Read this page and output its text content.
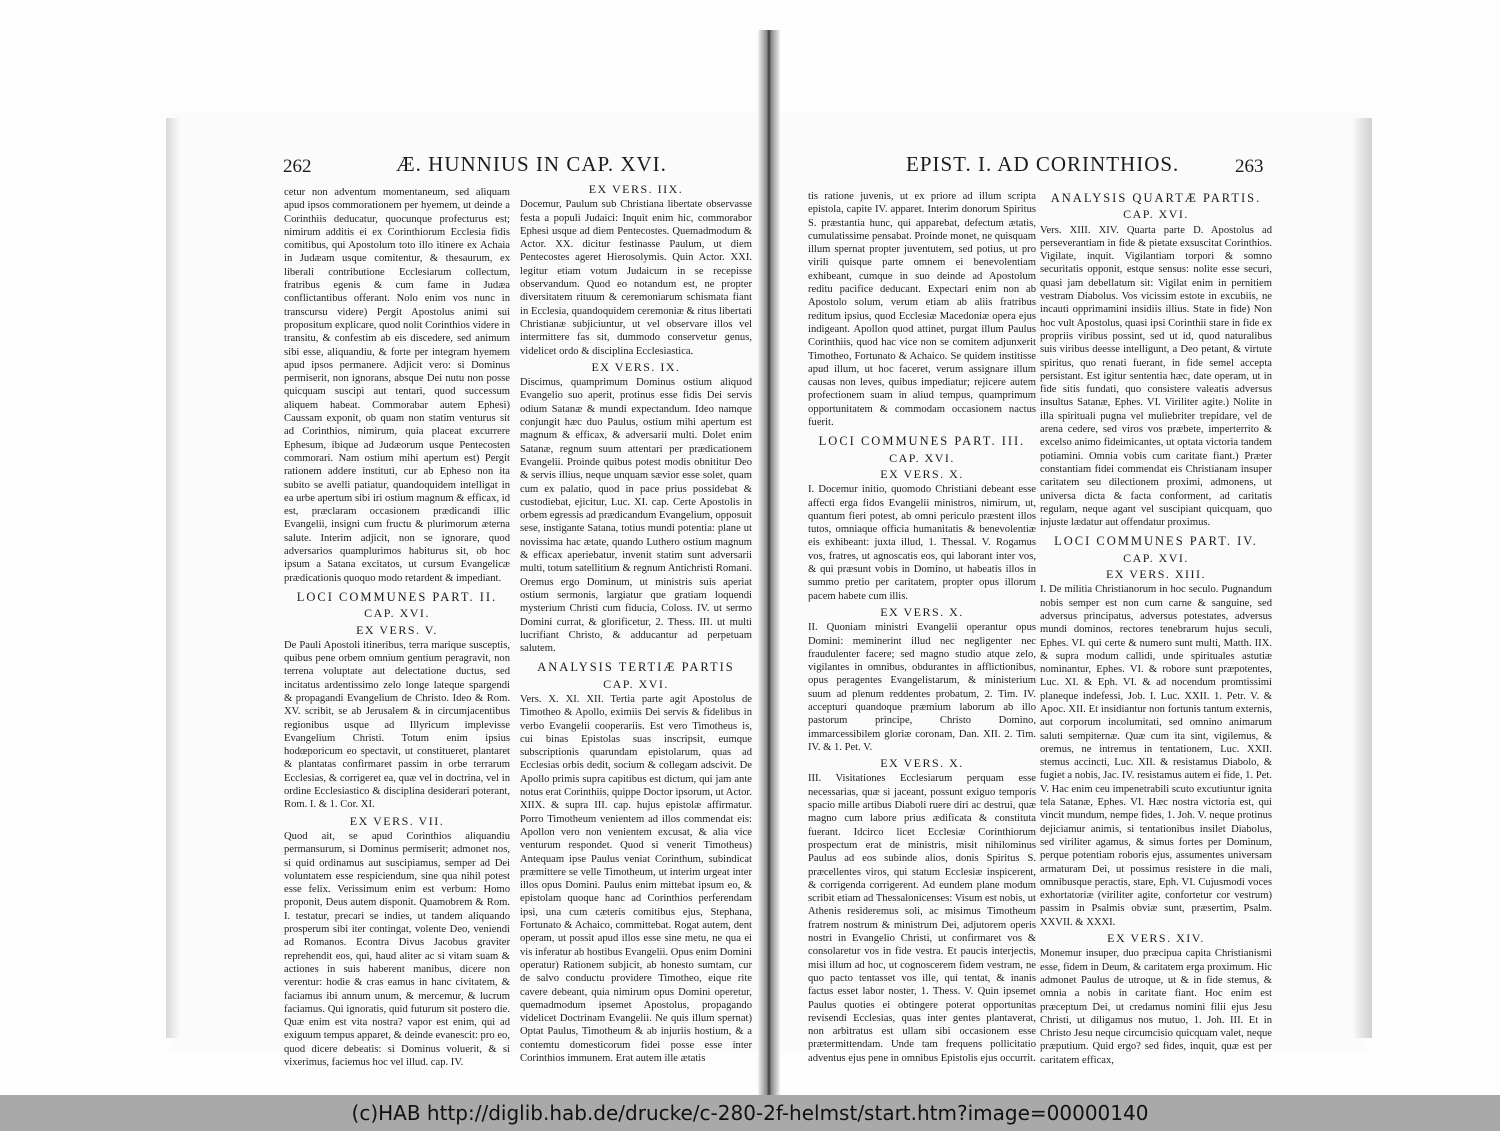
262	Æ. HUNNIUS IN CAP. XVI.	EPIST. I. AD CORINTHIOS.	263

cetur non adventum momentaneum, sed aliquam apud ipsos commorationem per hyemem, ut deinde a Corinthiis deducatur, quocunque profecturus est; nimirum additis ei ex Corinthiorum Ecclesia fidis comitibus, qui Apostolum toto illo itinere ex Achaia in Judæam usque comitentur, & thesaurum, ex liberali contributione Ecclesiarum collectum, fratribus egenis & cum fame in Judæa conflictantibus offerant. Nolo enim vos nunc in transcursu videre) Pergit Apostolus animi sui propositum explicare, quod nolit Corinthios videre in transitu, & confestim ab eis discedere, sed animum sibi esse, aliquandiu, & forte per integram hyemem apud ipsos permanere. Adjicit vero: si Dominus permiserit, non ignorans, absque Dei nutu non posse quicquam suscipi aut tentari, quod successum aliquem habeat. Commorabar autem Ephesi) Caussam exponit, ob quam non statim venturus sit ad Corinthios, nimirum, quia placeat excurrere Ephesum, ibique ad Judæorum usque Pentecosten commorari. Nam ostium mihi apertum est) Pergit rationem addere instituti, cur ab Epheso non ita subito se avelli patiatur, quandoquidem intelligat in ea urbe apertum sibi iri ostium magnum & efficax, id est, præclaram occasionem prædicandi illic Evangelii, insigni cum fructu & plurimorum æterna salute. Interim adjicit, non se ignorare, quod adversarios quamplurimos habiturus sit, ob hoc ipsum a Satana excitatos, ut cursum Evangelicæ prædicationis quoquo modo retardent & impediant.

LOCI COMMUNES PART. II.
CAP. XVI.
EX VERS. V.

De Pauli Apostoli itineribus, terra marique susceptis, quibus pene orbem omnium gentium peragravit, non terrena voluptate aut delectatione ductus, sed incitatus ardentissimo zelo longe lateque spargendi & propagandi Evangelium de Christo. Ideo & Rom. XV. scribit, se ab Jerusalem & in circumjacentibus regionibus usque ad Illyricum implevisse Evangelium Christi. Totum enim ipsius hodœporicum eo spectavit, ut constitueret, plantaret & plantatas confirmaret passim in orbe terrarum Ecclesias, & corrigeret ea, quæ vel in doctrina, vel in ordine Ecclesiastico & disciplina desiderari poterant, Rom. I. & 1. Cor. XI.

EX VERS. VII.

Quod ait, se apud Corinthios aliquandiu permansurum, si Dominus permiserit; admonet nos, si quid ordinamus aut suscipiamus, semper ad Dei voluntatem esse respiciendum, sine qua nihil potest esse felix. Verissimum enim est verbum: Homo proponit, Deus autem disponit. Quamobrem & Rom. I. testatur, precari se indies, ut tandem aliquando prosperum sibi iter contingat, volente Deo, veniendi ad Romanos. Econtra Divus Jacobus graviter reprehendit eos, qui, haud aliter ac si vitam suam & actiones in suis haberent manibus, dicere non verentur: hodie & cras eamus in hanc civitatem, & faciamus ibi annum unum, & mercemur, & lucrum faciamus. Qui ignoratis, quid futurum sit postero die. Quæ enim est vita nostra? vapor est enim, qui ad exiguum tempus apparet, & deinde evanescit: pro eo, quod dicere debeatis: si Dominus voluerit, & si vixerimus, faciemus hoc vel illud. cap. IV.

EX VERS. IIX.

Docemur, Paulum sub Christiana libertate observasse festa a populi Judaici: Inquit enim hic, commorabor Ephesi usque ad diem Pentecostes. Quemadmodum & Actor. XX. dicitur festinasse Paulum, ut diem Pentecostes ageret Hierosolymis. Quin Actor. XXI. legitur etiam votum Judaicum in se recepisse observandum. Quod eo notandum est, ne propter diversitatem rituum & ceremoniarum schismata fiant in Ecclesia, quandoquidem ceremoniæ & ritus libertati Christianæ subjiciuntur, ut vel observare illos vel intermittere fas sit, dummodo conservetur genus, videlicet ordo & disciplina Ecclesiastica.

EX VERS. IX.

Discimus, quamprimum Dominus ostium aliquod Evangelio suo aperit, protinus esse fidis Dei servis odium Satanæ & mundi expectandum. Ideo namque conjungit hæc duo Paulus, ostium mihi apertum est magnum & efficax, & adversarii multi. Dolet enim Satanæ, regnum suum attentari per prædicationem Evangelii. Proinde quibus potest modis obnititur Deo & servis illius, neque unquam sævior esse solet, quam cum ex palatio, quod in pace prius possidebat & custodiebat, ejicitur, Luc. XI. cap. Certe Apostolis in orbem egressis ad prædicandum Evangelium, opposuit sese, instigante Satana, totius mundi potentia: plane ut novissima hac ætate, quando Luthero ostium magnum & efficax aperiebatur, invenit statim sunt adversarii multi, totum satellitium & regnum Antichristi Romani. Oremus ergo Dominum, ut ministris suis aperiat ostium sermonis, largiatur que gratiam loquendi mysterium Christi cum fiducia, Coloss. IV. ut sermo Domini currat, & glorificetur, 2. Thess. III. ut multi lucrifiant Christo, & adducantur ad perpetuam salutem.

ANALYSIS TERTIÆ PARTIS
CAP. XVI.

Vers. X. XI. XII. Tertia parte agit Apostolus de Timotheo & Apollo, eximiis Dei servis & fidelibus in verbo Evangelii cooperariis. Est vero Timotheus is, cui binas Epistolas suas inscripsit, eumque subscriptionis quarundam epistolarum, quas ad Ecclesias orbis dedit, socium & collegam adscivit. De Apollo primis supra capitibus est dictum, qui jam ante notus erat Corinthiis, quippe Doctor ipsorum, ut Actor. XIIX. & supra III. cap. hujus epistolæ affirmatur. Porro Timotheum venientem ad illos commendat eis: Apollon vero non venientem excusat, & alia vice venturum respondet. Quod si venerit Timotheus) Antequam ipse Paulus veniat Corinthum, subindicat præmittere se velle Timotheum, ut interim urgeat inter illos opus Domini. Paulus enim mittebat ipsum eo, & epistolam quoque hanc ad Corinthios perferendam ipsi, una cum cæteris comitibus ejus, Stephana, Fortunato & Achaico, committebat. Rogat autem, dent operam, ut possit apud illos esse sine metu, ne qua ei vis inferatur ab hostibus Evangelii. Opus enim Domini operatur) Rationem subjicit, ab honesto sumtam, cur de salvo conductu providere Timotheo, eique rite cavere debeant, quia nimirum opus Domini operetur, quemadmodum ipsemet Apostolus, propagando videlicet Doctrinam Evangelii. Ne quis illum spernat) Optat Paulus, Timotheum & ab injuriis hostium, & a contemtu domesticorum fidei posse esse inter Corinthios immunem. Erat autem ille ætatis

tis ratione juvenis, ut ex priore ad illum scripta epistola, capite IV. apparet. Interim donorum Spiritus S. præstantia hunc, qui apparebat, defectum ætatis, cumulatissime pensabat. Proinde monet, ne quisquam illum spernat propter juventutem, sed potius, ut pro virili quisque parte omnem ei benevolentiam exhibeant, cumque in suo deinde ad Apostolum reditu pacifice deducant. Expectari enim non ab Apostolo solum, verum etiam ab aliis fratribus reditum ipsius, quod Ecclesiæ Macedoniæ opera ejus indigeant. Apollon quod attinet, purgat illum Paulus Corinthiis, quod hac vice non se comitem adjunxerit Timotheo, Fortunato & Achaico. Se quidem institisse apud illum, ut hoc faceret, verum assignare illum causas non leves, quibus impediatur; rejicere autem profectionem suam in aliud tempus, quamprimum opportunitatem & commodam occasionem nactus fuerit.

LOCI COMMUNES PART. III.
CAP. XVI.
EX VERS. X.

I. Docemur initio, quomodo Christiani debeant esse affecti erga fidos Evangelii ministros, nimirum, ut, quantum fieri potest, ab omni periculo præstent illos tutos, omniaque officia humanitatis & benevolentiæ eis exhibeant: juxta illud, 1. Thessal. V. Rogamus vos, fratres, ut agnoscatis eos, qui laborant inter vos, & qui præsunt vobis in Domino, ut habeatis illos in summo pretio per caritatem, propter opus illorum pacem habete cum illis.

EX VERS. X.

II. Quoniam ministri Evangelii operantur opus Domini: meminerint illud nec negligenter nec fraudulenter facere; sed magno studio atque zelo, vigilantes in omnibus, obdurantes in afflictionibus, opus peragentes Evangelistarum, & ministerium suum ad plenum reddentes probatum, 2. Tim. IV. accepturi quandoque præmium laborum ab illo pastorum principe, Christo Domino, immarcessibilem gloriæ coronam, Dan. XII. 2. Tim. IV. & 1. Pet. V.

EX VERS. X.

III. Visitationes Ecclesiarum perquam esse necessarias, quæ si jaceant, possunt exiguo temporis spacio mille artibus Diaboli ruere diri ac destrui, quæ magno cum labore prius ædificata & constituta fuerant. Idcirco licet Ecclesiæ Corinthiorum prospectum erat de ministris, misit nihilominus Paulus ad eos subinde alios, donis Spiritus S. præcellentes viros, qui statum Ecclesiæ inspicerent, & corrigenda corrigerent. Ad eundem plane modum scribit etiam ad Thessalonicenses: Visum est nobis, ut Athenis resideremus soli, ac misimus Timotheum fratrem nostrum & ministrum Dei, adjutorem operis nostri in Evangelio Christi, ut confirmaret vos & consolaretur vos in fide vestra. Et paucis interjectis, misi illum ad hoc, ut cognoscerem fidem vestram, ne quo pacto tentasset vos ille, qui tentat, & inanis factus esset labor noster, 1. Thess. V. Quin ipsemet Paulus quoties ei obtingere poterat opportunitas revisendi Ecclesias, quas inter gentes plantaverat, non arbitratus est ullam sibi occasionem esse prætermittendam. Unde tam frequens pollicitatio adventus ejus pene in omnibus Epistolis ejus occurrit.

ANALYSIS QUARTÆ PARTIS.
CAP. XVI.

Vers. XIII. XIV. Quarta parte D. Apostolus ad perseverantiam in fide & pietate exsuscitat Corinthios. Vigilate, inquit. Vigilantiam torpori & somno securitatis opponit, estque sensus: nolite esse securi, quasi jam debellatum sit: Vigilat enim in pernitiem vestram Diabolus. Vos vicissim estote in excubiis, ne incauti opprimamini insidiis illius. State in fide) Non hoc vult Apostolus, quasi ipsi Corinthii stare in fide ex propriis viribus possint, sed ut id, quod naturalibus suis viribus deesse intelligunt, a Deo petant, & virtute spiritus, quo renati fuerant, in fide semel accepta persistant. Est igitur sententia hæc, date operam, ut in fide sitis fundati, quo consistere valeatis adversus insultus Satanæ, Ephes. VI. Viriliter agite.) Nolite in illa spirituali pugna vel muliebriter trepidare, vel de arena cedere, sed viros vos præbete, imperterrito & excelso animo fideimicantes, ut optata victoria tandem potiamini. Omnia vobis cum caritate fiant.) Præter constantiam fidei commendat eis Christianam insuper caritatem seu dilectionem proximi, admonens, ut universa dicta & facta conforment, ad caritatis regulam, neque agant vel suscipiant quicquam, quo injuste lædatur aut offendatur proximus.

LOCI COMMUNES PART. IV.
CAP. XVI.
EX VERS. XIII.

I. De militia Christianorum in hoc seculo. Pugnandum nobis semper est non cum carne & sanguine, sed adversus principatus, adversus potestates, adversus mundi dominos, rectores tenebrarum hujus seculi, Ephes. VI. qui certe & numero sunt multi, Matth. IIX. & supra modum callidi, unde spirituales astutiæ nominantur, Ephes. VI. & robore sunt præpotentes, Luc. XI. & Eph. VI. & ad nocendum promtissimi planeque indefessi, Job. I. Luc. XXII. 1. Petr. V. & Apoc. XII. Et insidiantur non fortunis tantum externis, aut corporum incolumitati, sed omnino animarum saluti sempiternæ. Quæ cum ita sint, vigilemus, & oremus, ne intremus in tentationem, Luc. XXII. stemus accincti, Luc. XII. & resistamus Diabolo, & fugiet a nobis, Jac. IV. resistamus autem ei fide, 1. Pet. V. Hac enim ceu impenetrabili scuto excutiuntur ignita tela Satanæ, Ephes. VI. Hæc nostra victoria est, qui vincit mundum, nempe fides, 1. Joh. V. neque protinus dejiciamur animis, si tentationibus insilet Diabolus, sed viriliter agamus, & simus fortes per Dominum, perque potentiam roboris ejus, assumentes universam armaturam Dei, ut possimus resistere in die mali, omnibusque peractis, stare, Eph. VI. Cujusmodi voces exhortatoriæ (viriliter agite, confortetur cor vestrum) passim in Psalmis obviæ sunt, præsertim, Psalm. XXVII. & XXXI.

EX VERS. XIV.

Monemur insuper, duo præcipua capita Christianismi esse, fidem in Deum, & caritatem erga proximum. Hic admonet Paulus de utroque, ut & in fide stemus, & omnia a nobis in caritate fiant. Hoc enim est præceptum Dei, ut credamus nomini filii ejus Jesu Christi, ut diligamus nos mutuo, 1. Joh. III. Et in Christo Jesu neque circumcisio quicquam valet, neque præputium. Quid ergo? sed fides, inquit, quæ est per caritatem efficax,

(c)HAB http://diglib.hab.de/drucke/c-280-2f-helmst/start.htm?image=00000140
